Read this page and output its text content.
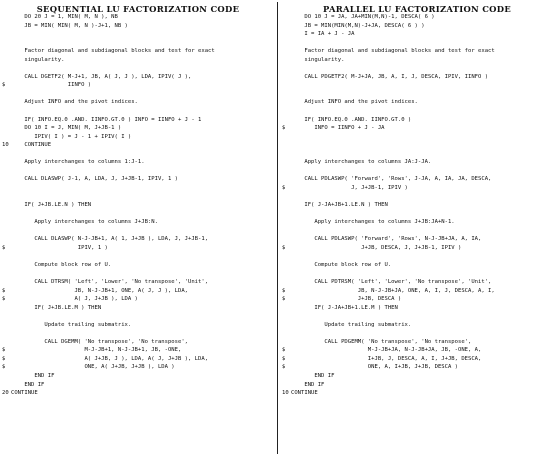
SEQUENTIAL LU FACTORIZATION CODE
DO 20 J = 1, MIN( M, N ), NB
JB = MIN( MIN( M, N )-J+1, NB )
Factor diagonal and subdiagonal blocks and test for exact
singularity.
CALL DGETF2( M-J+1, JB, A( J, J ), LDA, IPIV( J ),
$	IINFO )
Adjust INFO and the pivot indices.
IF( INFO.EQ.0 .AND. IINFO.GT.0 ) INFO = IINFO + J - 1
DO 10 I = J, MIN( M, J+JB-1 )
IPIV( I ) = J - 1 + IPIV( I )
10 CONTINUE
Apply interchanges to columns 1:J-1.
CALL DLASWP( J-1, A, LDA, J, J+JB-1, IPIV, 1 )
IF( J+JB.LE.N ) THEN
Apply interchanges to columns J+JB:N.
CALL DLASWP( N-J-JB+1, A( 1, J+JB ), LDA, J, J+JB-1,
$	IPIV, 1 )
Compute block row of U.
CALL DTRSM( 'Left', 'Lower', 'No transpose', 'Unit',
$	JB, N-J-JB+1, ONE, A( J, J ), LDA,
$	A( J, J+JB ), LDA )
IF( J+JB.LE.M ) THEN
Update trailing submatrix.
CALL DGEMM( 'No transpose', 'No transpose',
$	M-J-JB+1, N-J-JB+1, JB, -ONE,
$	A( J+JB, J ), LDA, A( J, J+JB ), LDA,
$	ONE, A( J+JB, J+JB ), LDA )
END IF
END IF
20 CONTINUE
PARALLEL LU FACTORIZATION CODE
DO 10 J = JA, JA+MIN(M,N)-1, DESCA( 6 )
JB = MIN(MIN(M,N)-J+JA, DESCA( 6 ) )
I = IA + J - JA
Factor diagonal and subdiagonal blocks and test for exact
singularity.
CALL PDGETF2( M-J+JA, JB, A, I, J, DESCA, IPIV, IINFO )
Adjust INFO and the pivot indices.
IF( INFO.EQ.0 .AND. IINFO.GT.0 )
$	INFO = IINFO + J - JA
Apply interchanges to columns JA:J-JA.
CALL PDLASWP( 'Forward', 'Rows', J-JA, A, IA, JA, DESCA,
$	J, J+JB-1, IPIV )
IF( J-JA+JB+1.LE.N ) THEN
Apply interchanges to columns J+JB:JA+N-1.
CALL PDLASWP( 'Forward', 'Rows', N-J-JB+JA, A, IA,
$	J+JB, DESCA, J, J+JB-1, IPIV )
Compute block row of U.
CALL PDTRSM( 'Left', 'Lower', 'No transpose', 'Unit',
$	JB, N-J-JB+JA, ONE, A, I, J, DESCA, A, I,
$	J+JB, DESCA )
IF( J-JA+JB+1.LE.M ) THEN
Update trailing submatrix.
CALL PDGEMM( 'No transpose', 'No transpose',
$	M-J-JB+JA, N-J-JB+JA, JB, -ONE, A,
$	I+JB, J, DESCA, A, I, J+JB, DESCA,
$	ONE, A, I+JB, J+JB, DESCA )
END IF
END IF
10 CONTINUE
